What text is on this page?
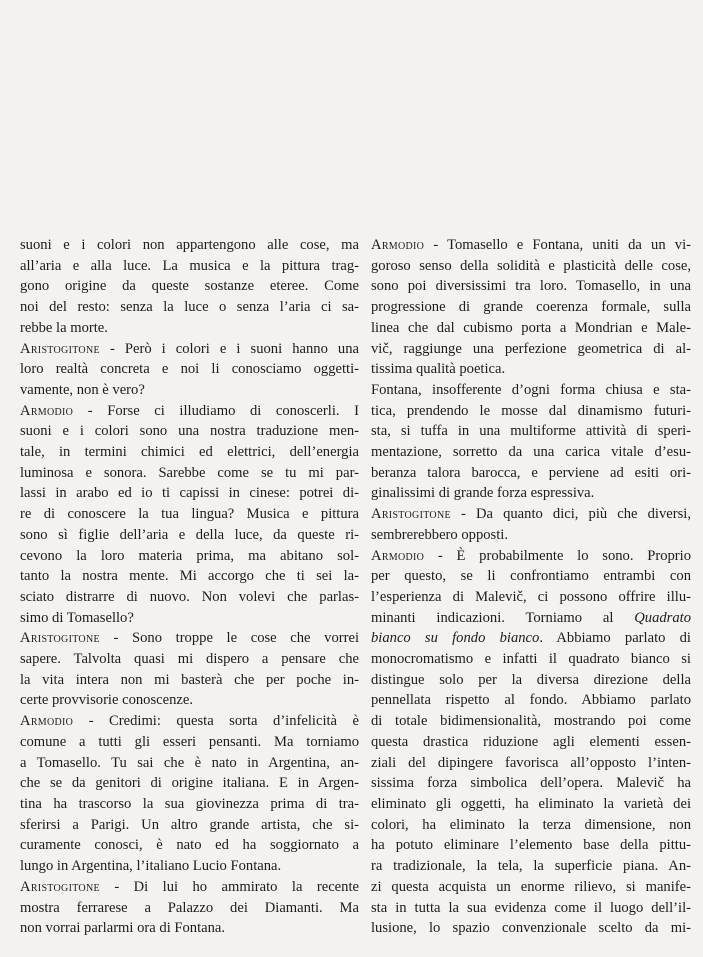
suoni e i colori non appartengono alle cose, ma
all’aria e alla luce. La musica e la pittura trag-
gono origine da queste sostanze eteree. Come
noi del resto: senza la luce o senza l’aria ci sa-
rebbe la morte.

Aristogitone - Però i colori e i suoni hanno una
loro realtà concreta e noi li conosciamo oggetti-
vamente, non è vero?

Armodio - Forse ci illudiamo di conoscerli. I
suoni e i colori sono una nostra traduzione men-
tale, in termini chimici ed elettrici, dell’energia
luminosa e sonora. Sarebbe come se tu mi par-
lassi in arabo ed io ti capissi in cinese: potrei di-
re di conoscere la tua lingua? Musica e pittura
sono sì figlie dell’aria e della luce, da queste ri-
cevono la loro materia prima, ma abitano sol-
tanto la nostra mente. Mi accorgo che ti sei la-
sciato distrarre di nuovo. Non volevi che parlas-
simo di Tomasello?

Aristogitone - Sono troppe le cose che vorrei
sapere. Talvolta quasi mi dispero a pensare che
la vita intera non mi basterà che per poche in-
certe provvisorie conoscenze.

Armodio - Credimi: questa sorta d’infelicità è
comune a tutti gli esseri pensanti. Ma torniamo
a Tomasello. Tu sai che è nato in Argentina, an-
che se da genitori di origine italiana. E in Argen-
tina ha trascorso la sua giovinezza prima di tra-
sferirsi a Parigi. Un altro grande artista, che si-
curamente conosci, è nato ed ha soggiornato a
lungo in Argentina, l’italiano Lucio Fontana.

Aristogitone - Di lui ho ammirato la recente
mostra ferrarese a Palazzo dei Diamanti. Ma
non vorrai parlarmi ora di Fontana.

Armodio - Tomasello e Fontana, uniti da un vi-
goroso senso della solidità e plasticità delle cose,
sono poi diversissimi tra loro. Tomasello, in una
progressione di grande coerenza formale, sulla
linea che dal cubismo porta a Mondrian e Male-
vič, raggiunge una perfezione geometrica di al-
tissima qualità poetica.

Fontana, insofferente d’ogni forma chiusa e sta-
tica, prendendo le mosse dal dinamismo futuri-
sta, si tuffa in una multiforme attività di speri-
mentazione, sorretto da una carica vitale d’esu-
beranza talora barocca, e perviene ad esiti ori-
ginalissimi di grande forza espressiva.

Aristogitone - Da quanto dici, più che diversi,
sembrerebbero opposti.

Armodio - È probabilmente lo sono. Proprio
per questo, se li confrontiamo entrambi con
l’esperienza di Malevič, ci possono offrire illu-
minanti indicazioni. Torniamo al Quadrato
bianco su fondo bianco. Abbiamo parlato di
monocromatismo e infatti il quadrato bianco si
distingue solo per la diversa direzione della
pennellata rispetto al fondo. Abbiamo parlato
di totale bidimensionalità, mostrando poi come
questa drastica riduzione agli elementi essen-
ziali del dipingere favorisca all’opposto l’inten-
sissima forza simbolica dell’opera. Malevič ha
eliminato gli oggetti, ha eliminato la varietà dei
colori, ha eliminato la terza dimensione, non
ha potuto eliminare l’elemento base della pittu-
ra tradizionale, la tela, la superficie piana. An-
zi questa acquista un enorme rilievo, si manife-
sta in tutta la sua evidenza come il luogo dell’il-
lusione, lo spazio convenzionale scelto da mi-
